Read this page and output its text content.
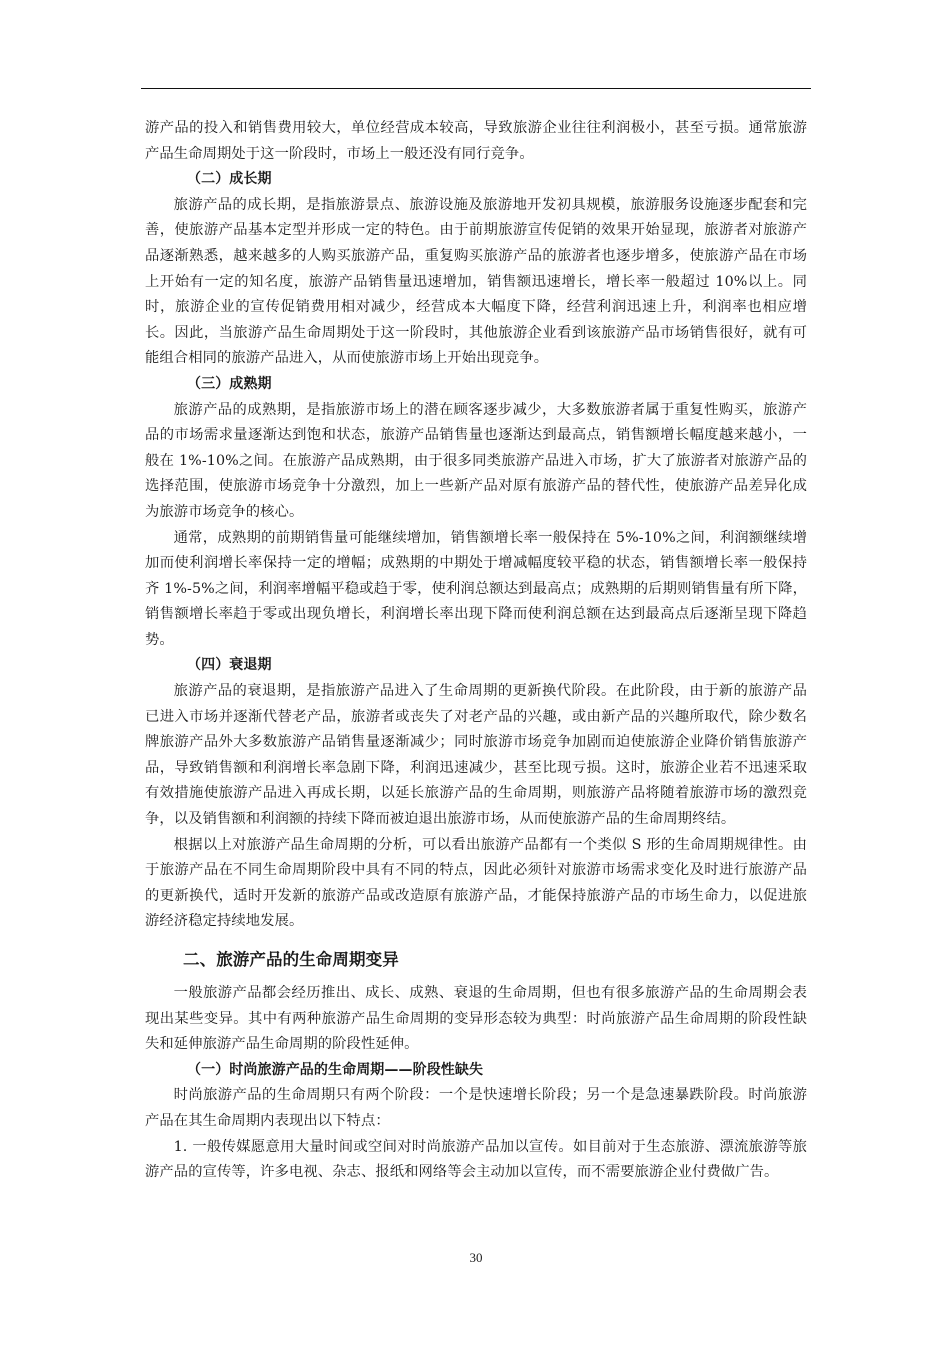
游产品的投入和销售费用较大，单位经营成本较高，导致旅游企业往往利润极小，甚至亏损。通常旅游产品生命周期处于这一阶段时，市场上一般还没有同行竞争。

（二）成长期

旅游产品的成长期，是指旅游景点、旅游设施及旅游地开发初具规模，旅游服务设施逐步配套和完善，使旅游产品基本定型并形成一定的特色。由于前期旅游宣传促销的效果开始显现，旅游者对旅游产品逐渐熟悉，越来越多的人购买旅游产品，重复购买旅游产品的旅游者也逐步增多，使旅游产品在市场上开始有一定的知名度，旅游产品销售量迅速增加，销售额迅速增长，增长率一般超过 10%以上。同时，旅游企业的宣传促销费用相对减少，经营成本大幅度下降，经营利润迅速上升，利润率也相应增长。因此，当旅游产品生命周期处于这一阶段时，其他旅游企业看到该旅游产品市场销售很好，就有可能组合相同的旅游产品进入，从而使旅游市场上开始出现竞争。

（三）成熟期

旅游产品的成熟期，是指旅游市场上的潜在顾客逐步减少，大多数旅游者属于重复性购买，旅游产品的市场需求量逐渐达到饱和状态，旅游产品销售量也逐渐达到最高点，销售额增长幅度越来越小，一般在 1%-10%之间。在旅游产品成熟期，由于很多同类旅游产品进入市场，扩大了旅游者对旅游产品的选择范围，使旅游市场竞争十分激烈，加上一些新产品对原有旅游产品的替代性，使旅游产品差异化成为旅游市场竞争的核心。

通常，成熟期的前期销售量可能继续增加，销售额增长率一般保持在 5%-10%之间，利润额继续增加而使利润增长率保持一定的增幅；成熟期的中期处于增减幅度较平稳的状态，销售额增长率一般保持齐 1%-5%之间，利润率增幅平稳或趋于零，使利润总额达到最高点；成熟期的后期则销售量有所下降，销售额增长率趋于零或出现负增长，利润增长率出现下降而使利润总额在达到最高点后逐渐呈现下降趋势。

（四）衰退期

旅游产品的衰退期，是指旅游产品进入了生命周期的更新换代阶段。在此阶段，由于新的旅游产品已进入市场并逐渐代替老产品，旅游者或丧失了对老产品的兴趣，或由新产品的兴趣所取代，除少数名牌旅游产品外大多数旅游产品销售量逐渐减少；同时旅游市场竞争加剧而迫使旅游企业降价销售旅游产品，导致销售额和利润增长率急剧下降，利润迅速减少，甚至比现亏损。这时，旅游企业若不迅速采取有效措施使旅游产品进入再成长期，以延长旅游产品的生命周期，则旅游产品将随着旅游市场的激烈竞争，以及销售额和利润额的持续下降而被迫退出旅游市场，从而使旅游产品的生命周期终结。

根据以上对旅游产品生命周期的分析，可以看出旅游产品都有一个类似 S 形的生命周期规律性。由于旅游产品在不同生命周期阶段中具有不同的特点，因此必须针对旅游市场需求变化及时进行旅游产品的更新换代，适时开发新的旅游产品或改造原有旅游产品，才能保持旅游产品的市场生命力，以促进旅游经济稳定持续地发展。

二、旅游产品的生命周期变异

一般旅游产品都会经历推出、成长、成熟、衰退的生命周期，但也有很多旅游产品的生命周期会表现出某些变异。其中有两种旅游产品生命周期的变异形态较为典型：时尚旅游产品生命周期的阶段性缺失和延伸旅游产品生命周期的阶段性延伸。

（一）时尚旅游产品的生命周期——阶段性缺失

时尚旅游产品的生命周期只有两个阶段：一个是快速增长阶段；另一个是急速暴跌阶段。时尚旅游产品在其生命周期内表现出以下特点：

1. 一般传媒愿意用大量时间或空间对时尚旅游产品加以宣传。如目前对于生态旅游、漂流旅游等旅游产品的宣传等，许多电视、杂志、报纸和网络等会主动加以宣传，而不需要旅游企业付费做广告。

30
